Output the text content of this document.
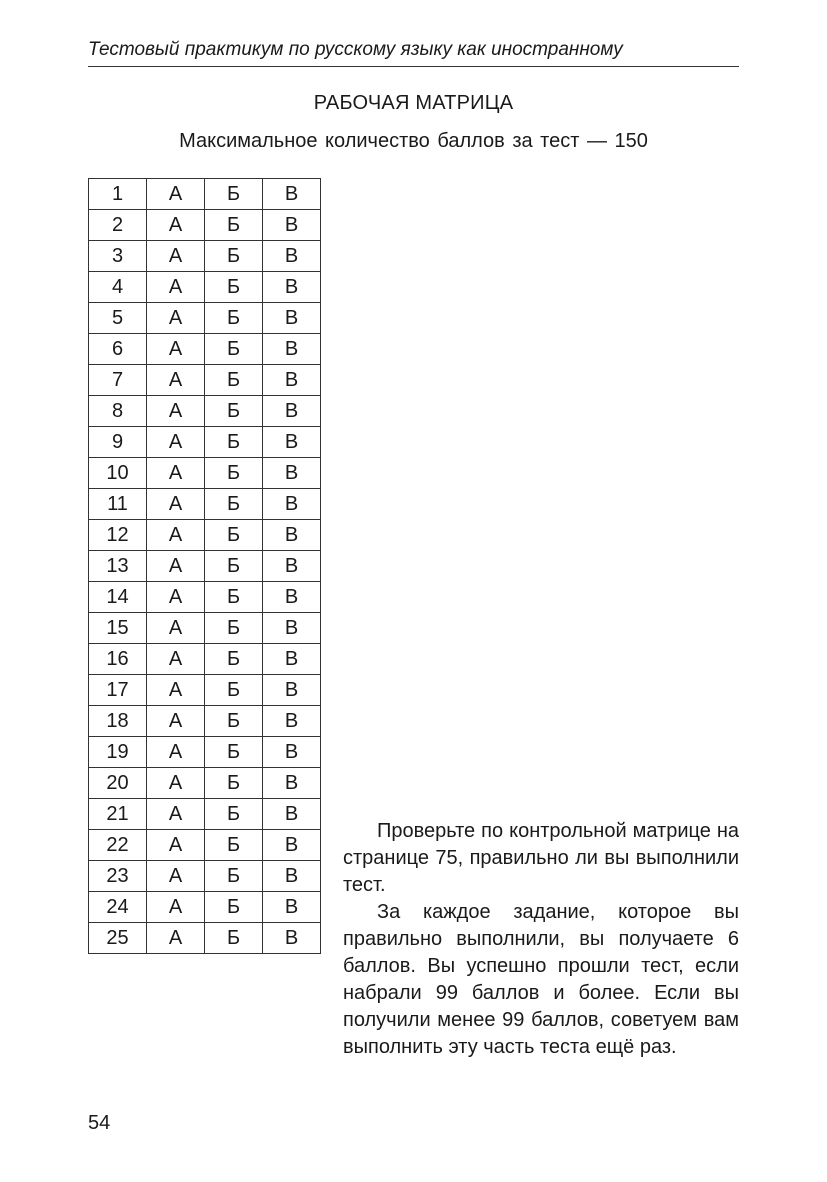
Тестовый практикум по русскому языку как иностранному
РАБОЧАЯ МАТРИЦА
Максимальное количество баллов за тест — 150
1	А	Б	В
2	А	Б	В
3	А	Б	В
4	А	Б	В
5	А	Б	В
6	А	Б	В
7	А	Б	В
8	А	Б	В
9	А	Б	В
10	А	Б	В
11	А	Б	В
12	А	Б	В
13	А	Б	В
14	А	Б	В
15	А	Б	В
16	А	Б	В
17	А	Б	В
18	А	Б	В
19	А	Б	В
20	А	Б	В
21	А	Б	В
22	А	Б	В
23	А	Б	В
24	А	Б	В
25	А	Б	В

Проверьте по контрольной матрице на странице 75, правильно ли вы выполнили тест.

За каждое задание, которое вы правильно выполнили, вы получаете 6 баллов. Вы успешно прошли тест, если набрали 99 баллов и более. Если вы получили менее 99 баллов, советуем вам выполнить эту часть теста ещё раз.

54
